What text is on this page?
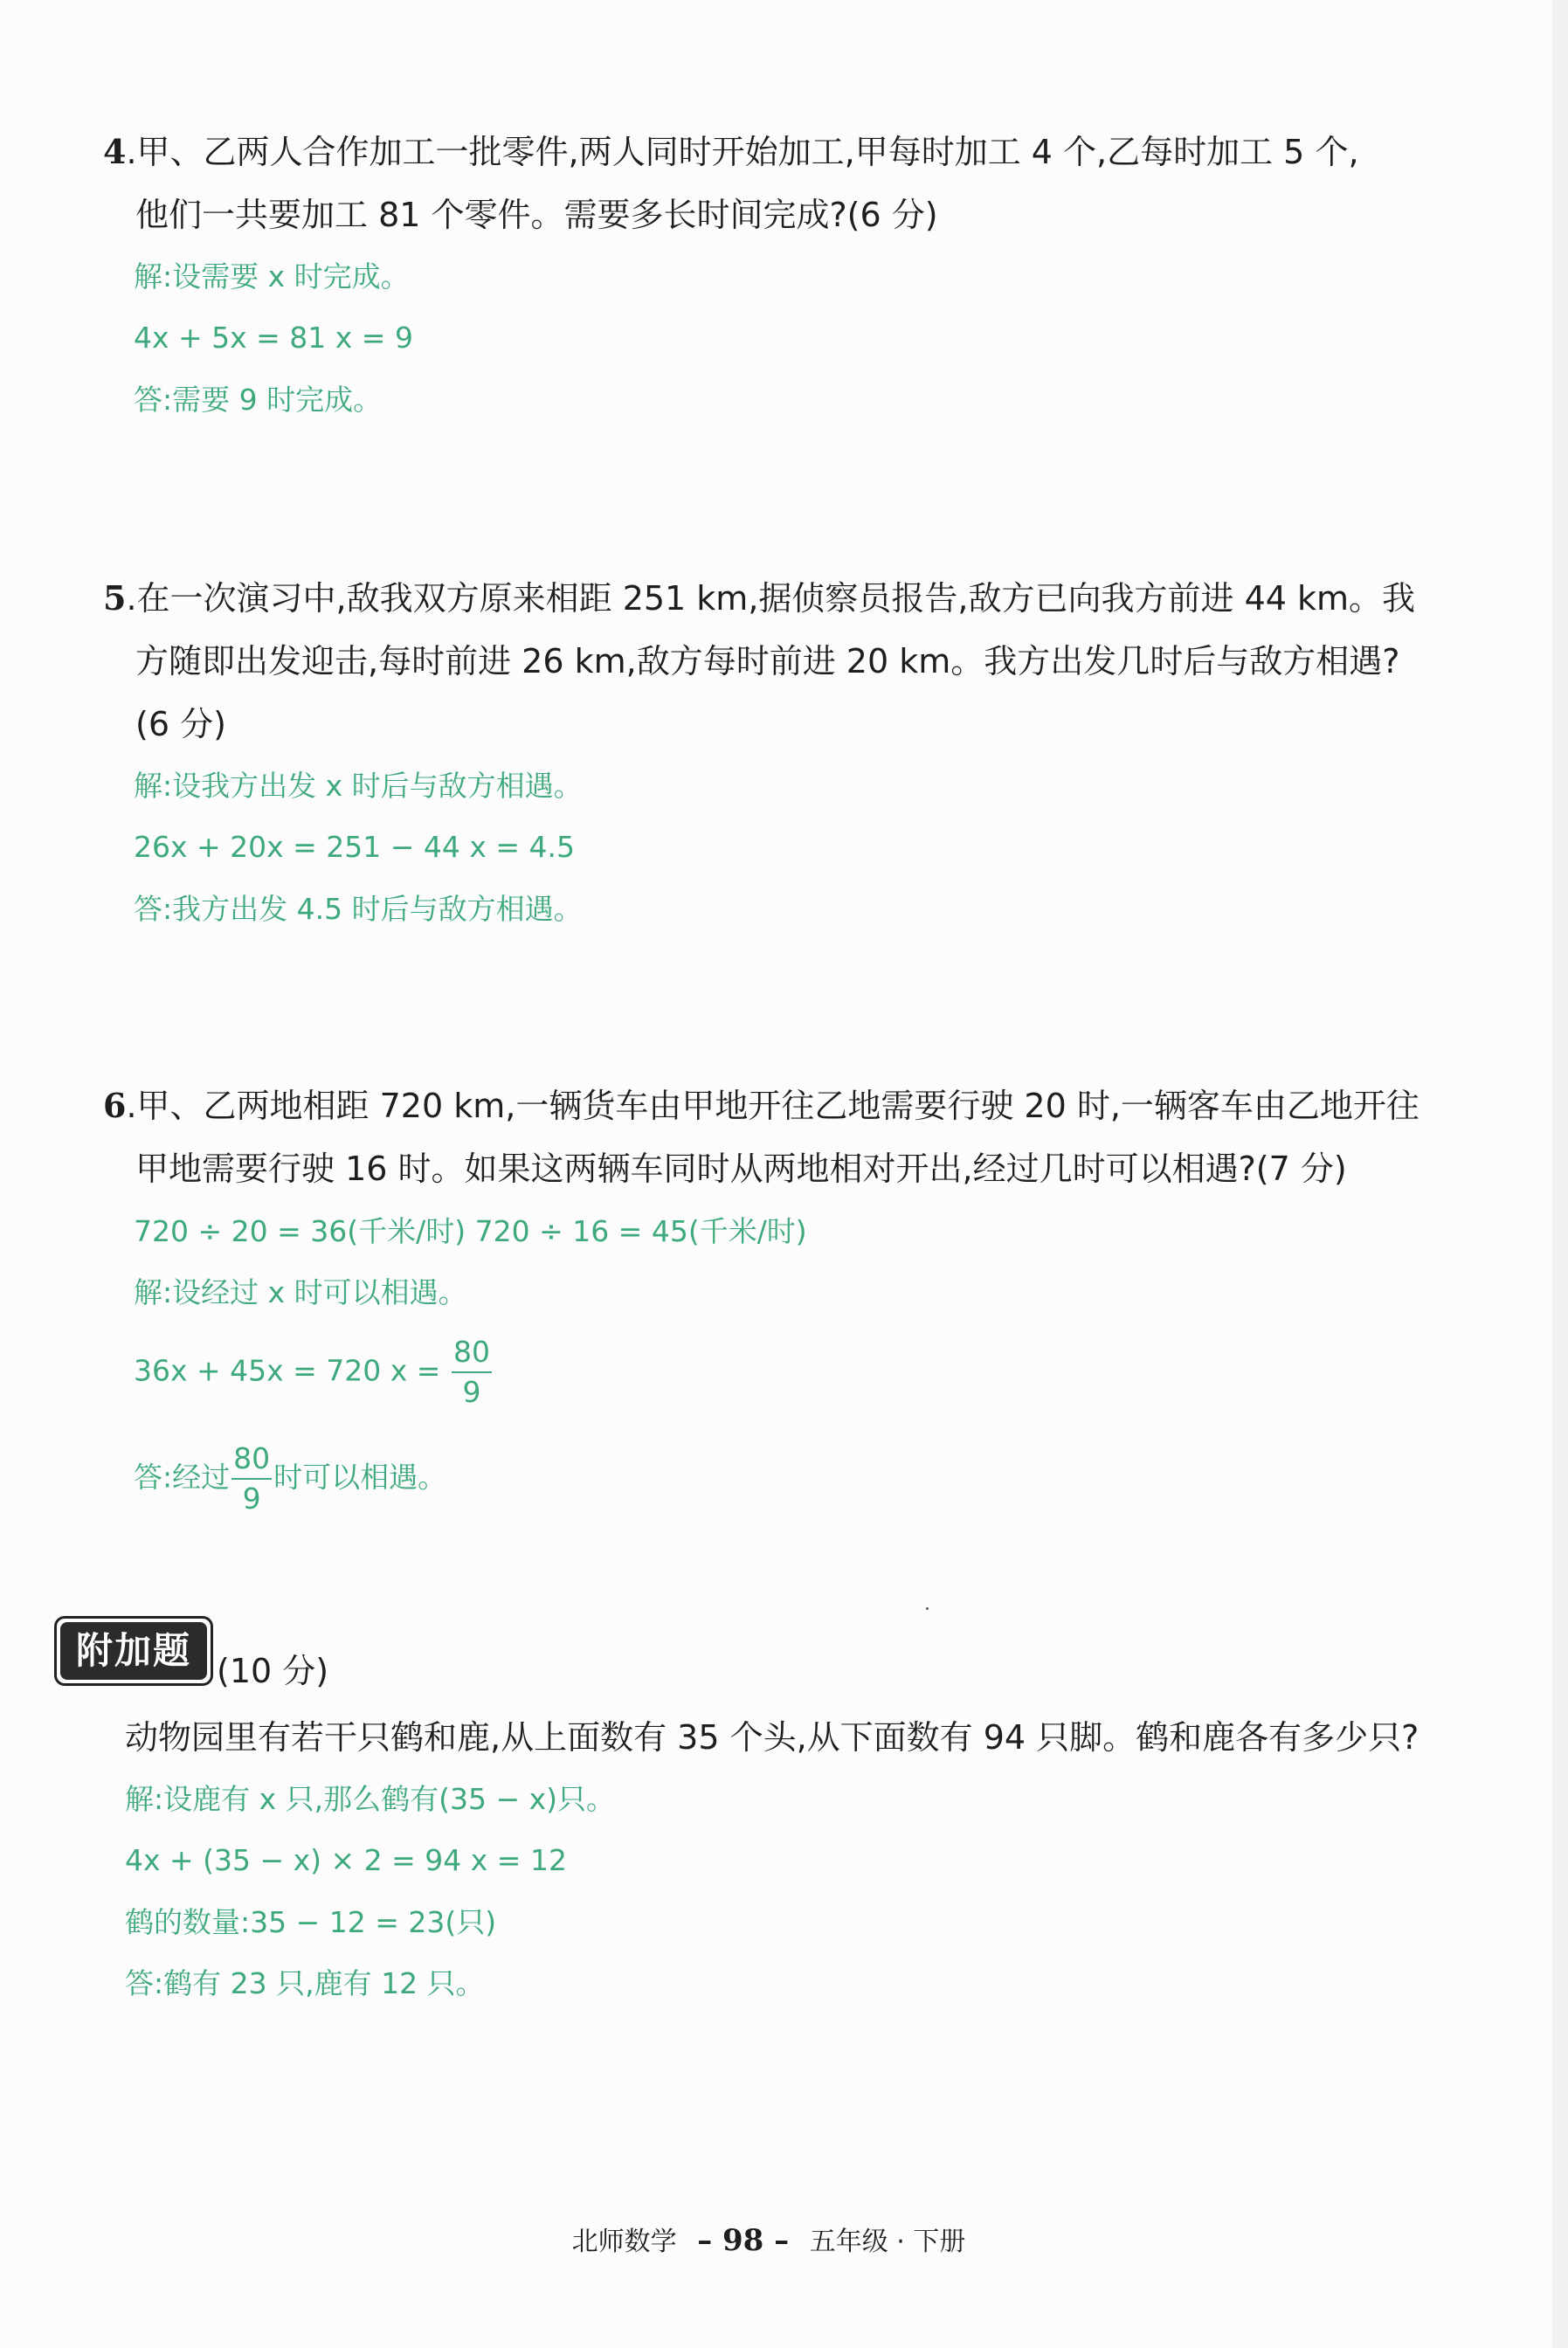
4.甲、乙两人合作加工一批零件,两人同时开始加工,甲每时加工 4 个,乙每时加工 5 个,
他们一共要加工 81 个零件。需要多长时间完成?(6 分)
解:设需要 x 时完成。
4x + 5x = 81 x = 9
答:需要 9 时完成。
5.在一次演习中,敌我双方原来相距 251 km,据侦察员报告,敌方已向我方前进 44 km。我
方随即出发迎击,每时前进 26 km,敌方每时前进 20 km。我方出发几时后与敌方相遇?
(6 分)
解:设我方出发 x 时后与敌方相遇。
26x + 20x = 251 − 44 x = 4.5
答:我方出发 4.5 时后与敌方相遇。
6.甲、乙两地相距 720 km,一辆货车由甲地开往乙地需要行驶 20 时,一辆客车由乙地开往
甲地需要行驶 16 时。如果这两辆车同时从两地相对开出,经过几时可以相遇?(7 分)
720 ÷ 20 = 36(千米/时) 720 ÷ 16 = 45(千米/时)
解:设经过 x 时可以相遇。
36x + 45x = 720 $x = \frac{80}{9}$
答:经过 $\frac{80}{9}$ 时可以相遇。
附加题 (10 分)
动物园里有若干只鹤和鹿,从上面数有 35 个头,从下面数有 94 只脚。鹤和鹿各有多少只?
解:设鹿有 x 只,那么鹤有(35 − x)只。
4x + (35 − x) × 2 = 94 x = 12
鹤的数量:35 − 12 = 23(只)
答:鹤有 23 只,鹿有 12 只。
北师数学 – 98 – 五年级 · 下册
